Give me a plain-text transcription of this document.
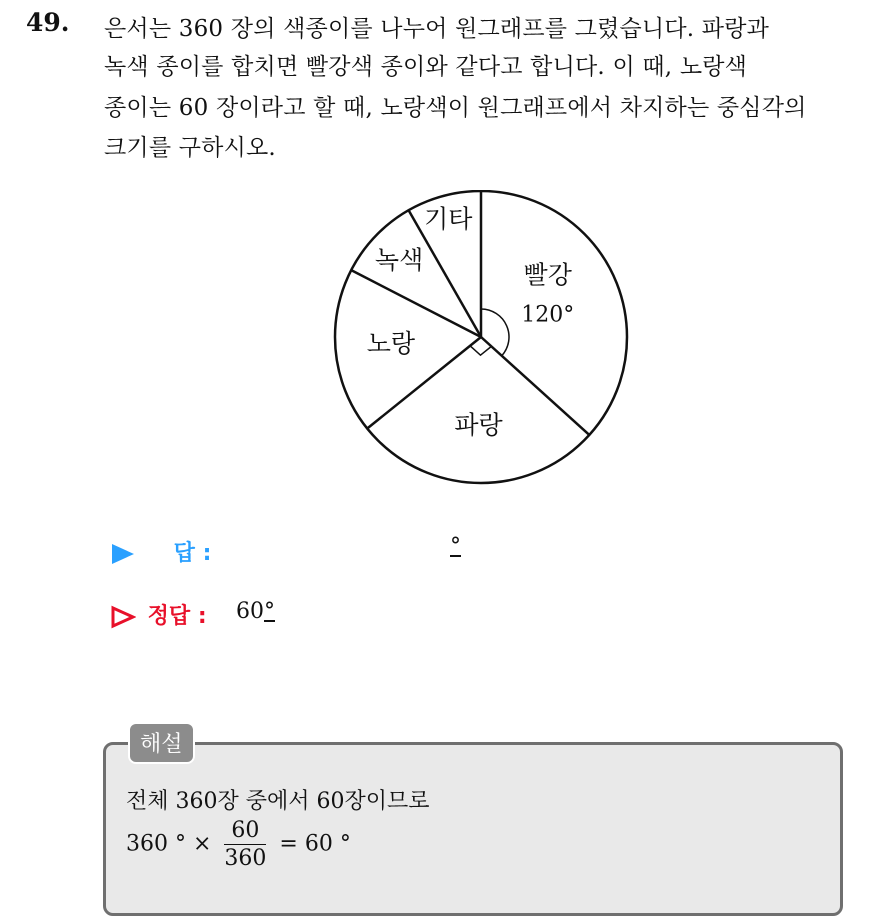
49. 은서는 360 장의 색종이를 나누어 원그래프를 그렸습니다. 파랑과
녹색 종이를 합치면 빨강색 종이와 같다고 합니다. 이 때, 노랑색
종이는 60 장이라고 할 때, 노랑색이 원그래프에서 차지하는 중심각의
크기를 구하시오.
빨강
120°
파랑
노랑
녹색
기타
답 :	°
정답 : 60°
해설
전체 360장 중에서 60장이므로
360 ° × $\frac{60}{360} = 60$ °
